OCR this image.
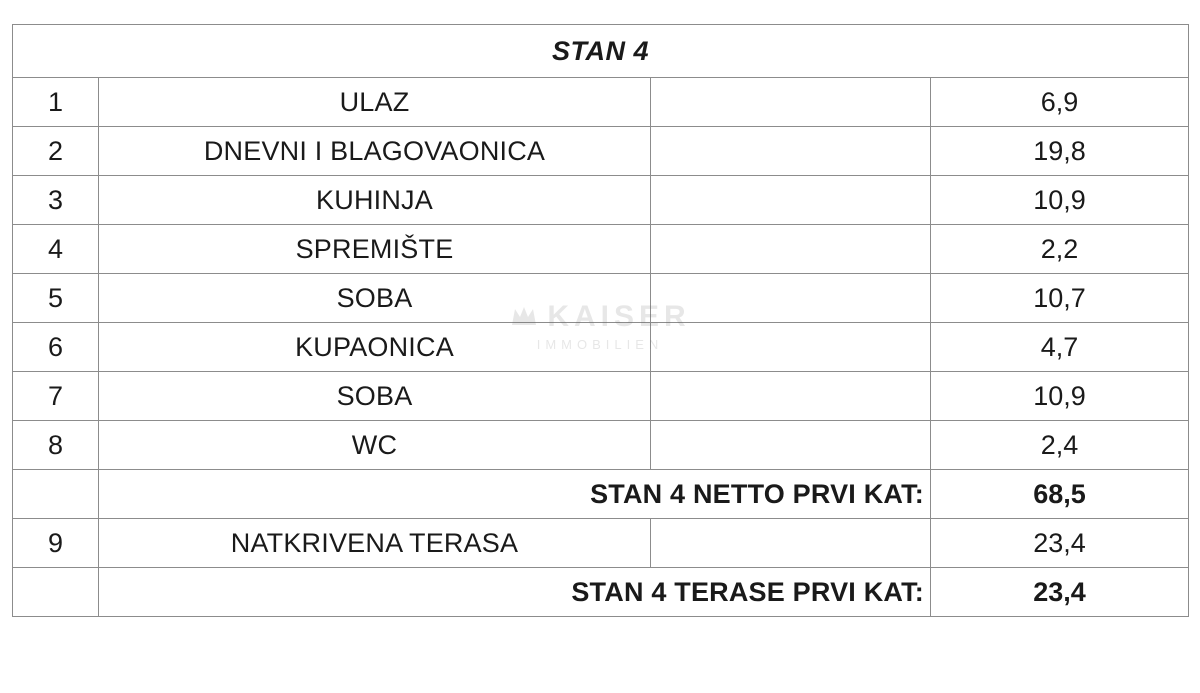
STAN 4			
1	ULAZ		6,9
2	DNEVNI I BLAGOVAONICA		19,8
3	KUHINJA		10,9
4	SPREMIŠTE		2,2
5	SOBA		10,7
6	KUPAONICA		4,7
7	SOBA		10,9
8	WC		2,4
	STAN 4 NETTO PRVI KAT:		68,5
9	NATKRIVENA TERASA		23,4
	STAN 4 TERASE PRVI KAT:		23,4
